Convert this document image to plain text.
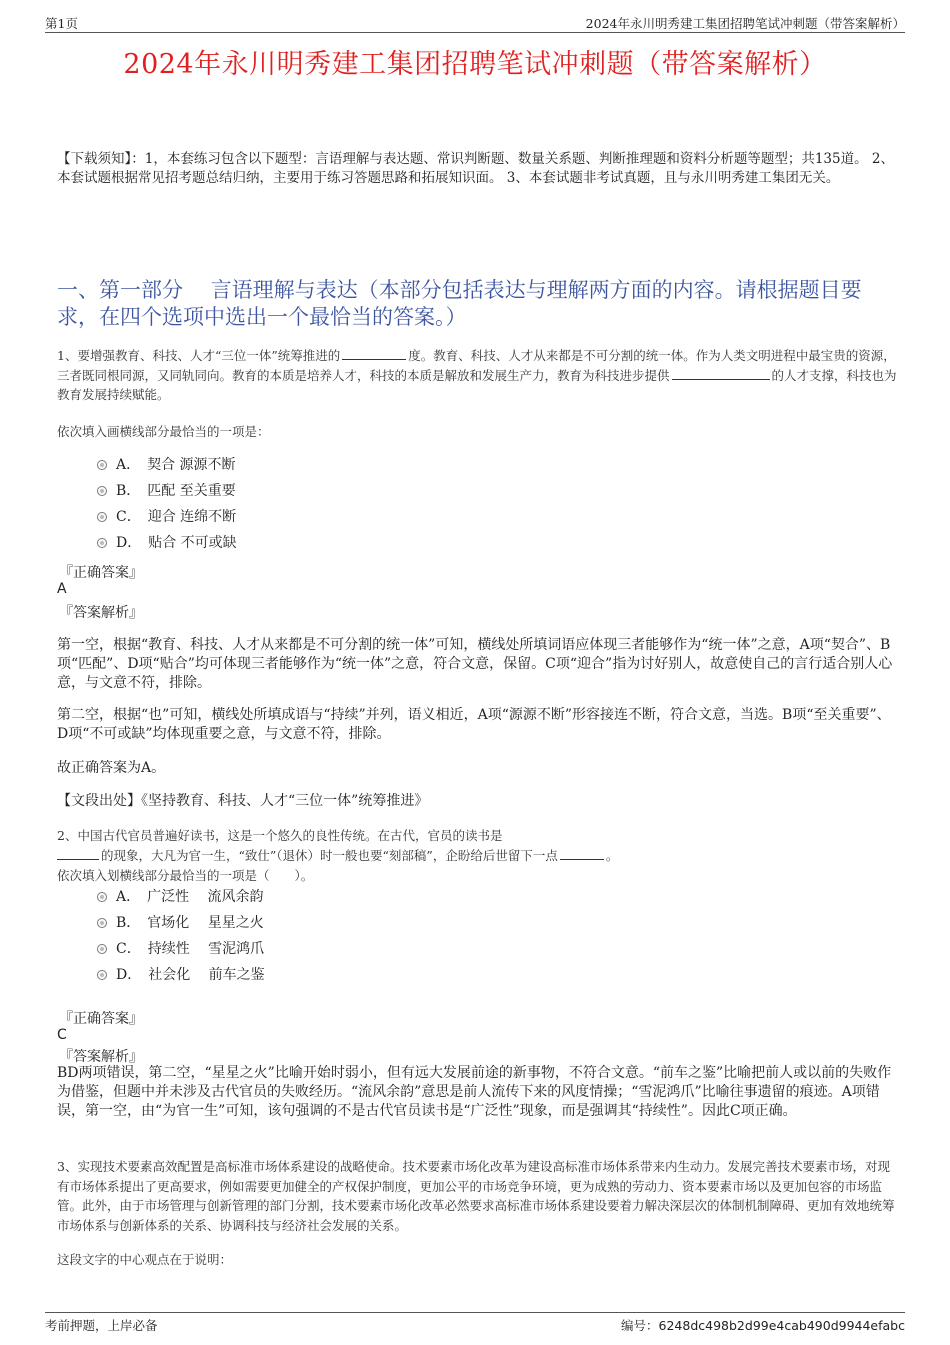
第1页	2024年永川明秀建工集团招聘笔试冲刺题（带答案解析）
2024年永川明秀建工集团招聘笔试冲刺题（带答案解析）
【下载须知】：1，本套练习包含以下题型：言语理解与表达题、常识判断题、数量关系题、判断推理题和资料分析题等题型；共135道。 2、本套试题根据常见招考题总结归纳，主要用于练习答题思路和拓展知识面。 3、本套试题非考试真题，且与永川明秀建工集团无关。
一、第一部分　 言语理解与表达（本部分包括表达与理解两方面的内容。请根据题目要求，在四个选项中选出一个最恰当的答案。）
1、要增强教育、科技、人才“三位一体”统筹推进的	度。教育、科技、人才从来都是不可分割的统一体。作为人类文明进程中最宝贵的资源，三者既同根同源，又同轨同向。教育的本质是培养人才，科技的本质是解放和发展生产力，教育为科技进步提供	的人才支撑，科技也为教育发展持续赋能。
依次填入画横线部分最恰当的一项是：
A．　契合 源源不断
B．　匹配 至关重要
C．　迎合 连绵不断
D．　贴合 不可或缺
『正确答案』
A
『答案解析』
第一空，根据“教育、科技、人才从来都是不可分割的统一体”可知，横线处所填词语应体现三者能够作为“统一体”之意，A项“契合”、B项“匹配”、D项“贴合”均可体现三者能够作为“统一体”之意，符合文意，保留。C项“迎合”指为讨好别人，故意使自己的言行适合别人心意，与文意不符，排除。
第二空，根据“也”可知，横线处所填成语与“持续”并列，语义相近，A项“源源不断”形容接连不断，符合文意，当选。B项“至关重要”、D项“不可或缺”均体现重要之意，与文意不符，排除。
故正确答案为A。
【文段出处】《坚持教育、科技、人才“三位一体”统筹推进》
2、中国古代官员普遍好读书，这是一个悠久的良性传统。在古代，官员的读书是
的现象，大凡为官一生，“致仕”（退休）时一般也要“刻部稿”，企盼给后世留下一点	。
依次填入划横线部分最恰当的一项是（　　）。
A．　广泛性　 流风余韵
B．　官场化　 星星之火
C．　持续性　 雪泥鸿爪
D．　社会化　 前车之鉴
『正确答案』
C
『答案解析』
BD两项错误，第二空，“星星之火”比喻开始时弱小，但有远大发展前途的新事物，不符合文意。“前车之鉴”比喻把前人或以前的失败作为借鉴，但题中并未涉及古代官员的失败经历。“流风余韵”意思是前人流传下来的风度情操；“雪泥鸿爪”比喻往事遗留的痕迹。A项错误，第一空，由“为官一生”可知，该句强调的不是古代官员读书是“广泛性”现象，而是强调其“持续性”。因此C项正确。
3、实现技术要素高效配置是高标准市场体系建设的战略使命。技术要素市场化改革为建设高标准市场体系带来内生动力。发展完善技术要素市场，对现有市场体系提出了更高要求，例如需要更加健全的产权保护制度，更加公平的市场竞争环境，更为成熟的劳动力、资本要素市场以及更加包容的市场监管。此外，由于市场管理与创新管理的部门分割，技术要素市场化改革必然要求高标准市场体系建设要着力解决深层次的体制机制障碍、更加有效地统筹市场体系与创新体系的关系、协调科技与经济社会发展的关系。
这段文字的中心观点在于说明：
考前押题，上岸必备	编号：6248dc498b2d99e4cab490d9944efabc
